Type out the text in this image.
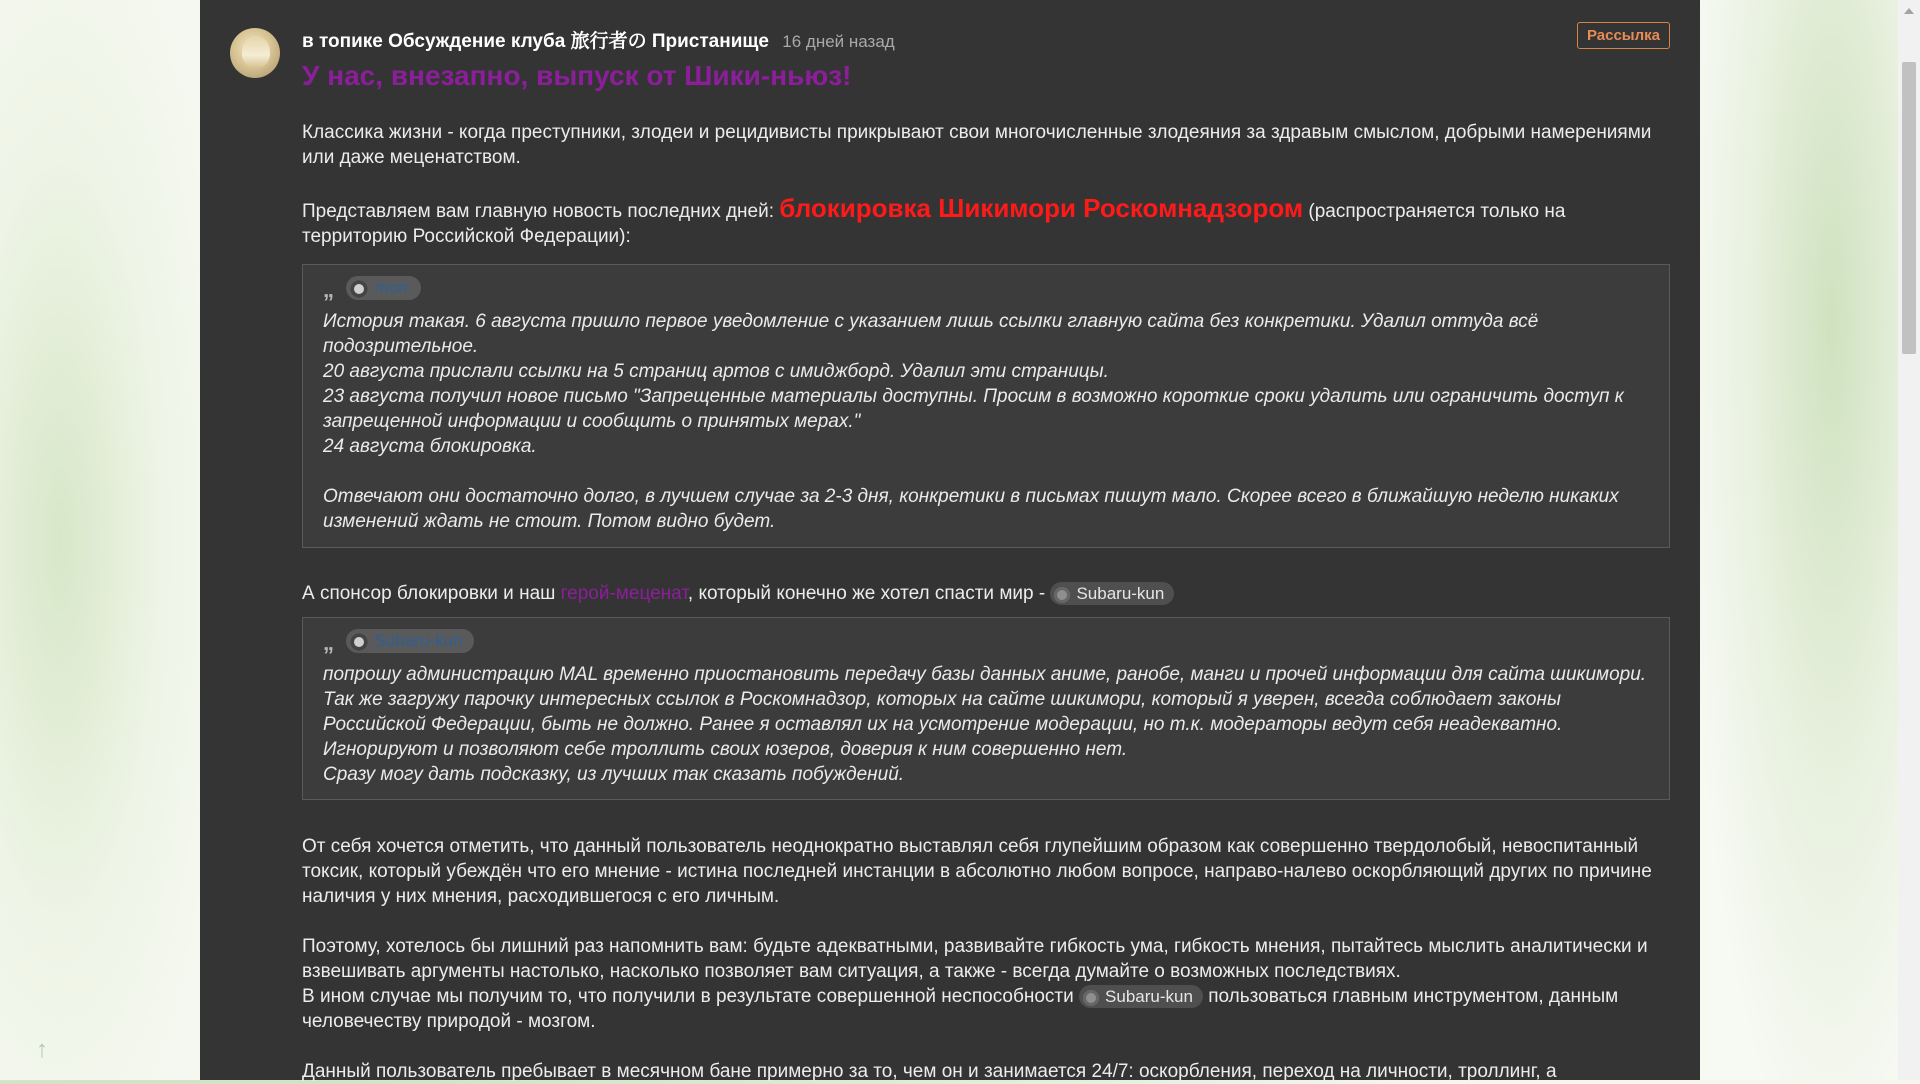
↑
в топике Обсуждение клуба 旅行者の Пристанище 16 дней назад	Рассылка
У нас, внезапно, выпуск от Шики-ньюз!
Классика жизни - когда преступники, злодеи и рецидивисты прикрывают свои многочисленные злодеяния за здравым смыслом, добрыми намерениями или даже меценатством.
Представляем вам главную новость последних дней: блокировка Шикимори Роскомнадзором (распространяется только на территорию Российской Федерации):
„ morr
История такая. 6 августа пришло первое уведомление с указанием лишь ссылки главную сайта без конкретики. Удалил оттуда всё подозрительное.
20 августа прислали ссылки на 5 страниц артов с имиджборд. Удалил эти страницы.
23 августа получил новое письмо "Запрещенные материалы доступны. Просим в возможно короткие сроки удалить или ограничить доступ к запрещенной информации и сообщить о принятых мерах."
24 августа блокировка.
Отвечают они достаточно долго, в лучшем случае за 2-3 дня, конкретики в письмах пишут мало. Скорее всего в ближайшую неделю никаких изменений ждать не стоит. Потом видно будет.
А спонсор блокировки и наш герой-меценат, который конечно же хотел спасти мир - Subaru-kun
„ Subaru-kun
попрошу администрацию MAL временно приостановить передачу базы данных аниме, ранобе, манги и прочей информации для сайта шикимори. Так же загружу парочку интересных ссылок в Роскомнадзор, которых на сайте шикимори, который я уверен, всегда соблюдает законы Российской Федерации, быть не должно. Ранее я оставлял их на усмотрение модерации, но т.к. модераторы ведут себя неадекватно. Игнорируют и позволяют себе троллить своих юзеров, доверия к ним совершенно нет.
Сразу могу дать подсказку, из лучших так сказать побуждений.
От себя хочется отметить, что данный пользователь неоднократно выставлял себя глупейшим образом как совершенно твердолобый, невоспитанный токсик, который убеждён что его мнение - истина последней инстанции в абсолютно любом вопросе, направо-налево оскорбляющий других по причине наличия у них мнения, расходившегося с его личным.
Поэтому, хотелось бы лишний раз напомнить вам: будьте адекватными, развивайте гибкость ума, гибкость мнения, пытайтесь мыслить аналитически и взвешивать аргументы настолько, насколько позволяет вам ситуация, а также - всегда думайте о возможных последствиях.
В ином случае мы получим то, что получили в результате совершенной неспособности Subaru-kun пользоваться главным инструментом, данным человечеству природой - мозгом.
Данный пользователь пребывает в месячном бане примерно за то, чем он и занимается 24/7: оскорбления, переход на личности, троллинг, а
